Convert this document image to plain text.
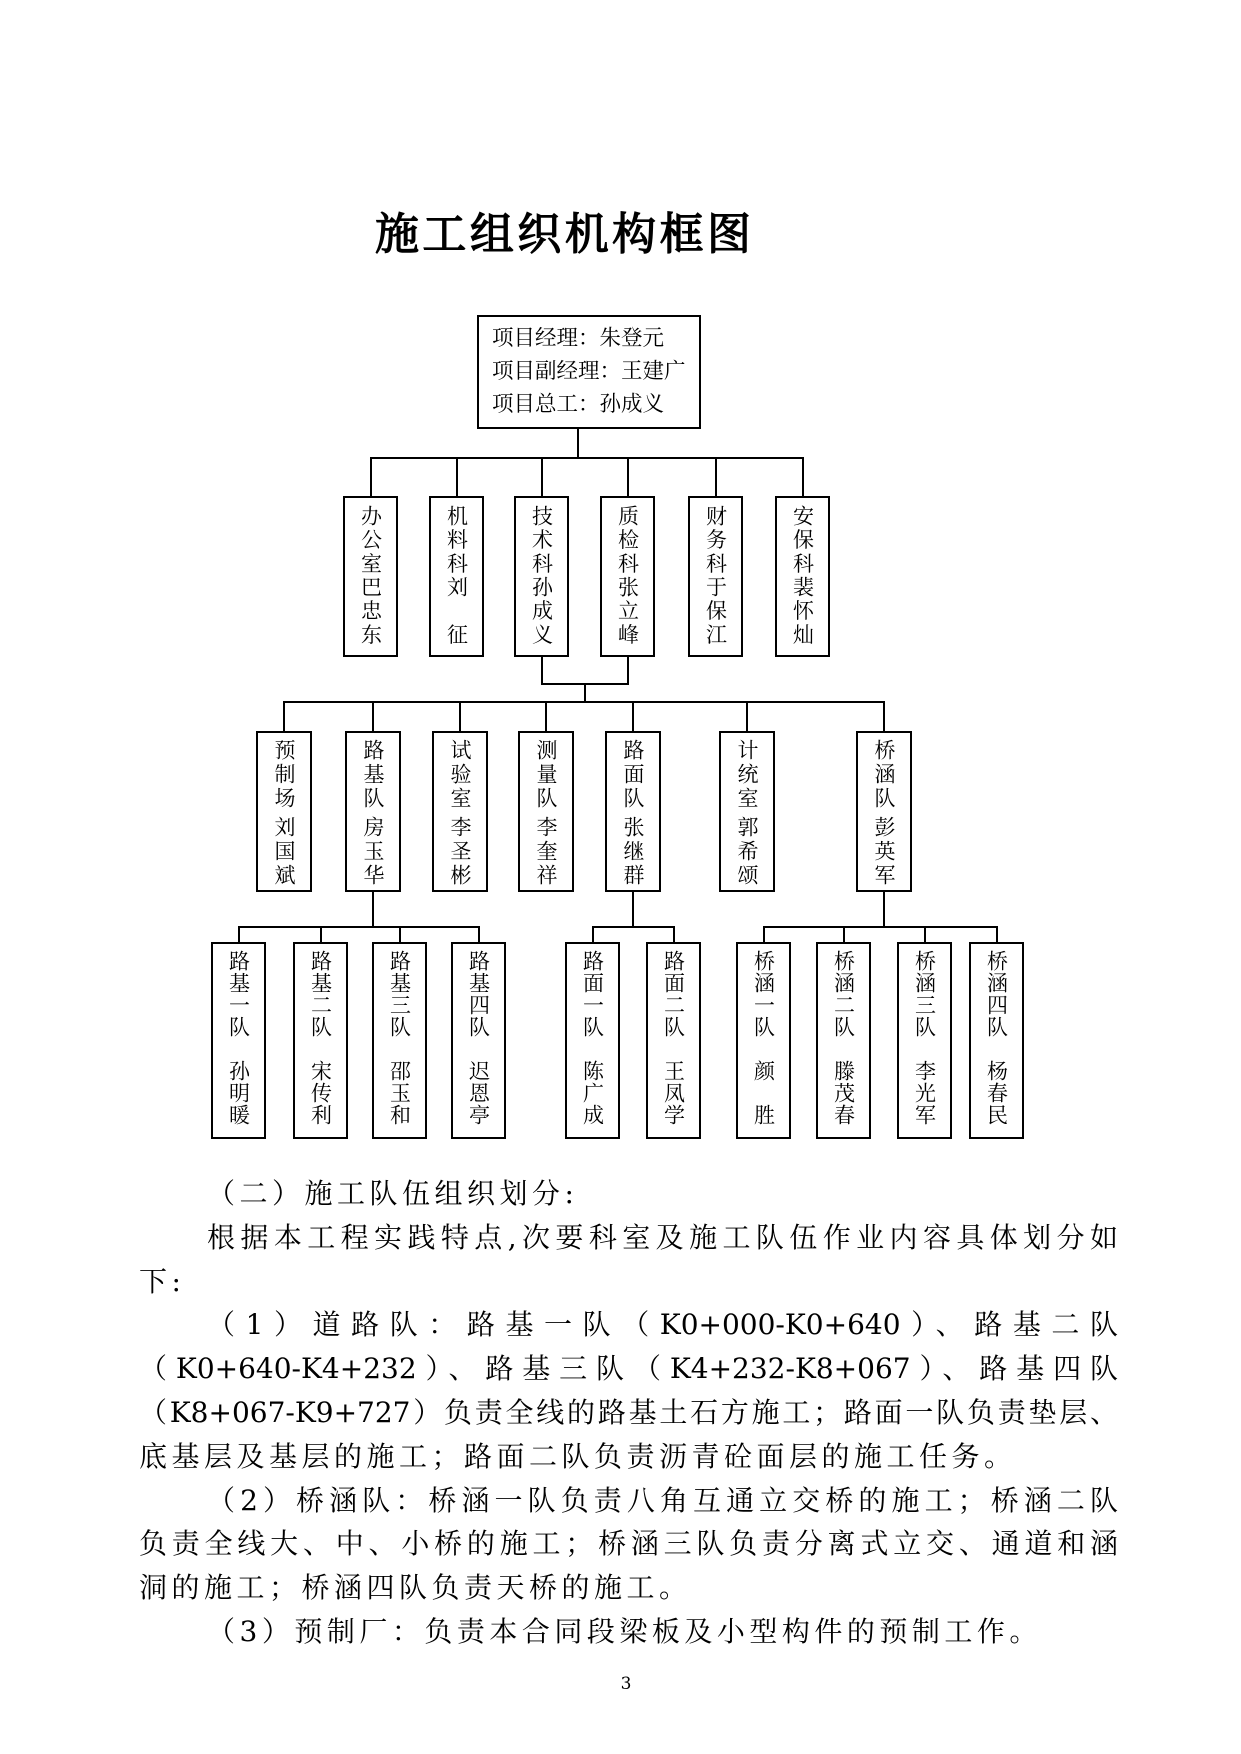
施工组织机构框图
项目经理：朱登元
项目副经理：王建广
项目总工：孙成义
办公室
巴忠东
机料科
刘　征
技术科
孙成义
质检科
张立峰
财务科
于保江
安保科
裴怀灿
预制场
刘国斌
路基队
房玉华
试验室
李圣彬
测量队
李奎祥
路面队
张继群
计统室
郭希颂
桥涵队
彭英军
路基一队
孙明暖
路基二队
宋传利
路基三队
邵玉和
路基四队
迟恩亭
路面一队
陈广成
路面二队
王凤学
桥涵一队
颜　胜
桥涵二队
滕茂春
桥涵三队
李光军
桥涵四队
杨春民
（二）施工队伍组织划分:
根据本工程实践特点,次要科室及施工队伍作业内容具体划分如
下:
（1）道路队：路基一队（K0+000-K0+640）、路基二队
（K0+640-K4+232）、路基三队（K4+232-K8+067）、路基四队
（K8+067-K9+727）负责全线的路基土石方施工；路面一队负责垫层、
底基层及基层的施工；路面二队负责沥青砼面层的施工任务。
（2）桥涵队：桥涵一队负责八角互通立交桥的施工；桥涵二队
负责全线大、中、小桥的施工；桥涵三队负责分离式立交、通道和涵
洞的施工；桥涵四队负责天桥的施工。
（3）预制厂：负责本合同段梁板及小型构件的预制工作。
3
